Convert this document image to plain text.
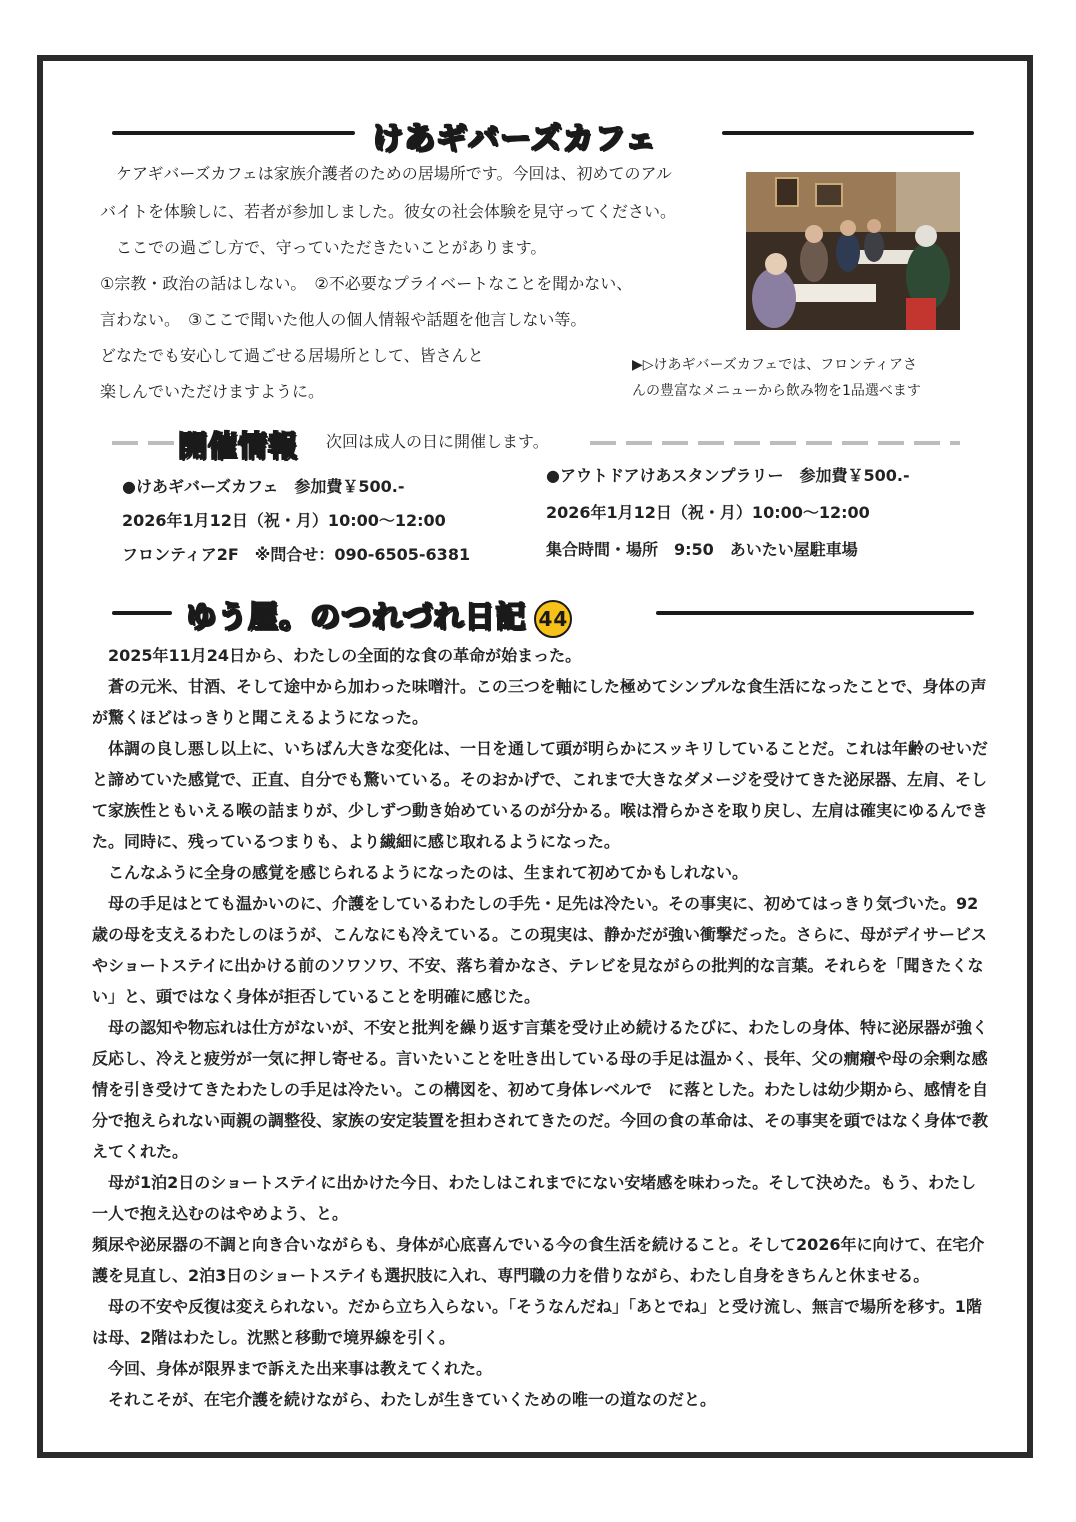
けあギバーズカフェ
　ケアギバーズカフェは家族介護者のための居場所です。今回は、初めてのアル
バイトを体験しに、若者が参加しました。彼女の社会体験を見守ってください。
　ここでの過ごし方で、守っていただきたいことがあります。
①宗教・政治の話はしない。　②不必要なプライベートなことを聞かない、
言わない。　③ここで聞いた他人の個人情報や話題を他言しない等。
どなたでも安心して過ごせる居場所として、皆さんと
楽しんでいただけますように。
▶▷けあギバーズカフェでは、フロンティアさ
んの豊富なメニューから飲み物を1品選べます
開催情報 次回は成人の日に開催します。
●けあギバーズカフェ　参加費￥500.-
2026年1月12日（祝・月）10:00〜12:00
フロンティア2F　※問合せ：090-6505-6381
●アウトドアけあスタンプラリー　参加費￥500.-
2026年1月12日（祝・月）10:00〜12:00
集合時間・場所　9:50　あいたい屋駐車場
ゆう屋。のつれづれ日記 44

　2025年11月24日から、わたしの全面的な食の革命が始まった。

　蒼の元米、甘酒、そして途中から加わった味噌汁。この三つを軸にした極めてシンプルな食生活になったことで、身体の声が驚くほどはっきりと聞こえるようになった。

　体調の良し悪し以上に、いちばん大きな変化は、一日を通して頭が明らかにスッキリしていることだ。これは年齢のせいだと諦めていた感覚で、正直、自分でも驚いている。そのおかげで、これまで大きなダメージを受けてきた泌尿器、左肩、そして家族性ともいえる喉の詰まりが、少しずつ動き始めているのが分かる。喉は滑らかさを取り戻し、左肩は確実にゆるんできた。同時に、残っているつまりも、より繊細に感じ取れるようになった。

　こんなふうに全身の感覚を感じられるようになったのは、生まれて初めてかもしれない。

　母の手足はとても温かいのに、介護をしているわたしの手先・足先は冷たい。その事実に、初めてはっきり気づいた。92歳の母を支えるわたしのほうが、こんなにも冷えている。この現実は、静かだが強い衝撃だった。さらに、母がデイサービスやショートステイに出かける前のソワソワ、不安、落ち着かなさ、テレビを見ながらの批判的な言葉。それらを「聞きたくない」と、頭ではなく身体が拒否していることを明確に感じた。

　母の認知や物忘れは仕方がないが、不安と批判を繰り返す言葉を受け止め続けるたびに、わたしの身体、特に泌尿器が強く反応し、冷えと疲労が一気に押し寄せる。言いたいことを吐き出している母の手足は温かく、長年、父の癇癪や母の余剰な感情を引き受けてきたわたしの手足は冷たい。この構図を、初めて身体レベルで　に落とした。わたしは幼少期から、感情を自分で抱えられない両親の調整役、家族の安定装置を担わされてきたのだ。今回の食の革命は、その事実を頭ではなく身体で教えてくれた。

　母が1泊2日のショートステイに出かけた今日、わたしはこれまでにない安堵感を味わった。そして決めた。もう、わたし一人で抱え込むのはやめよう、と。

頻尿や泌尿器の不調と向き合いながらも、身体が心底喜んでいる今の食生活を続けること。そして2026年に向けて、在宅介護を見直し、2泊3日のショートステイも選択肢に入れ、専門職の力を借りながら、わたし自身をきちんと休ませる。

　母の不安や反復は変えられない。だから立ち入らない。「そうなんだね」「あとでね」と受け流し、無言で場所を移す。1階は母、2階はわたし。沈黙と移動で境界線を引く。

　今回、身体が限界まで訴えた出来事は教えてくれた。

　それこそが、在宅介護を続けながら、わたしが生きていくための唯一の道なのだと。
